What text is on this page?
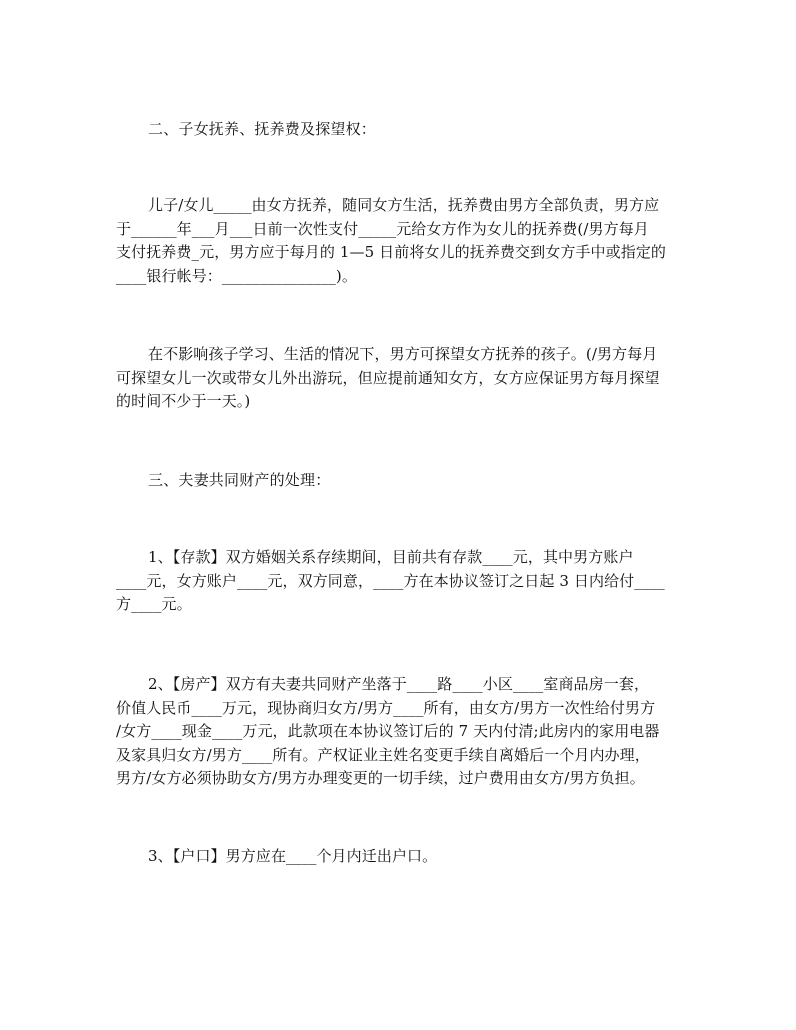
二、子女抚养、抚养费及探望权：
儿子/女儿_____由女方抚养，随同女方生活，抚养费由男方全部负责，男方应
于______年___月___日前一次性支付_____元给女方作为女儿的抚养费(/男方每月
支付抚养费_元，男方应于每月的 1—5 日前将女儿的抚养费交到女方手中或指定的
____银行帐号：_______________)。
在不影响孩子学习、生活的情况下，男方可探望女方抚养的孩子。(/男方每月
可探望女儿一次或带女儿外出游玩，但应提前通知女方，女方应保证男方每月探望
的时间不少于一天。)
三、夫妻共同财产的处理：
1、【存款】双方婚姻关系存续期间，目前共有存款____元，其中男方账户
____元，女方账户____元，双方同意，____方在本协议签订之日起 3 日内给付____
方____元。
2、【房产】双方有夫妻共同财产坐落于____路____小区____室商品房一套，
价值人民币____万元，现协商归女方/男方____所有，由女方/男方一次性给付男方
/女方____现金____万元，此款项在本协议签订后的 7 天内付清;此房内的家用电器
及家具归女方/男方____所有。产权证业主姓名变更手续自离婚后一个月内办理，
男方/女方必须协助女方/男方办理变更的一切手续，过户费用由女方/男方负担。
3、【户口】男方应在____个月内迁出户口。
